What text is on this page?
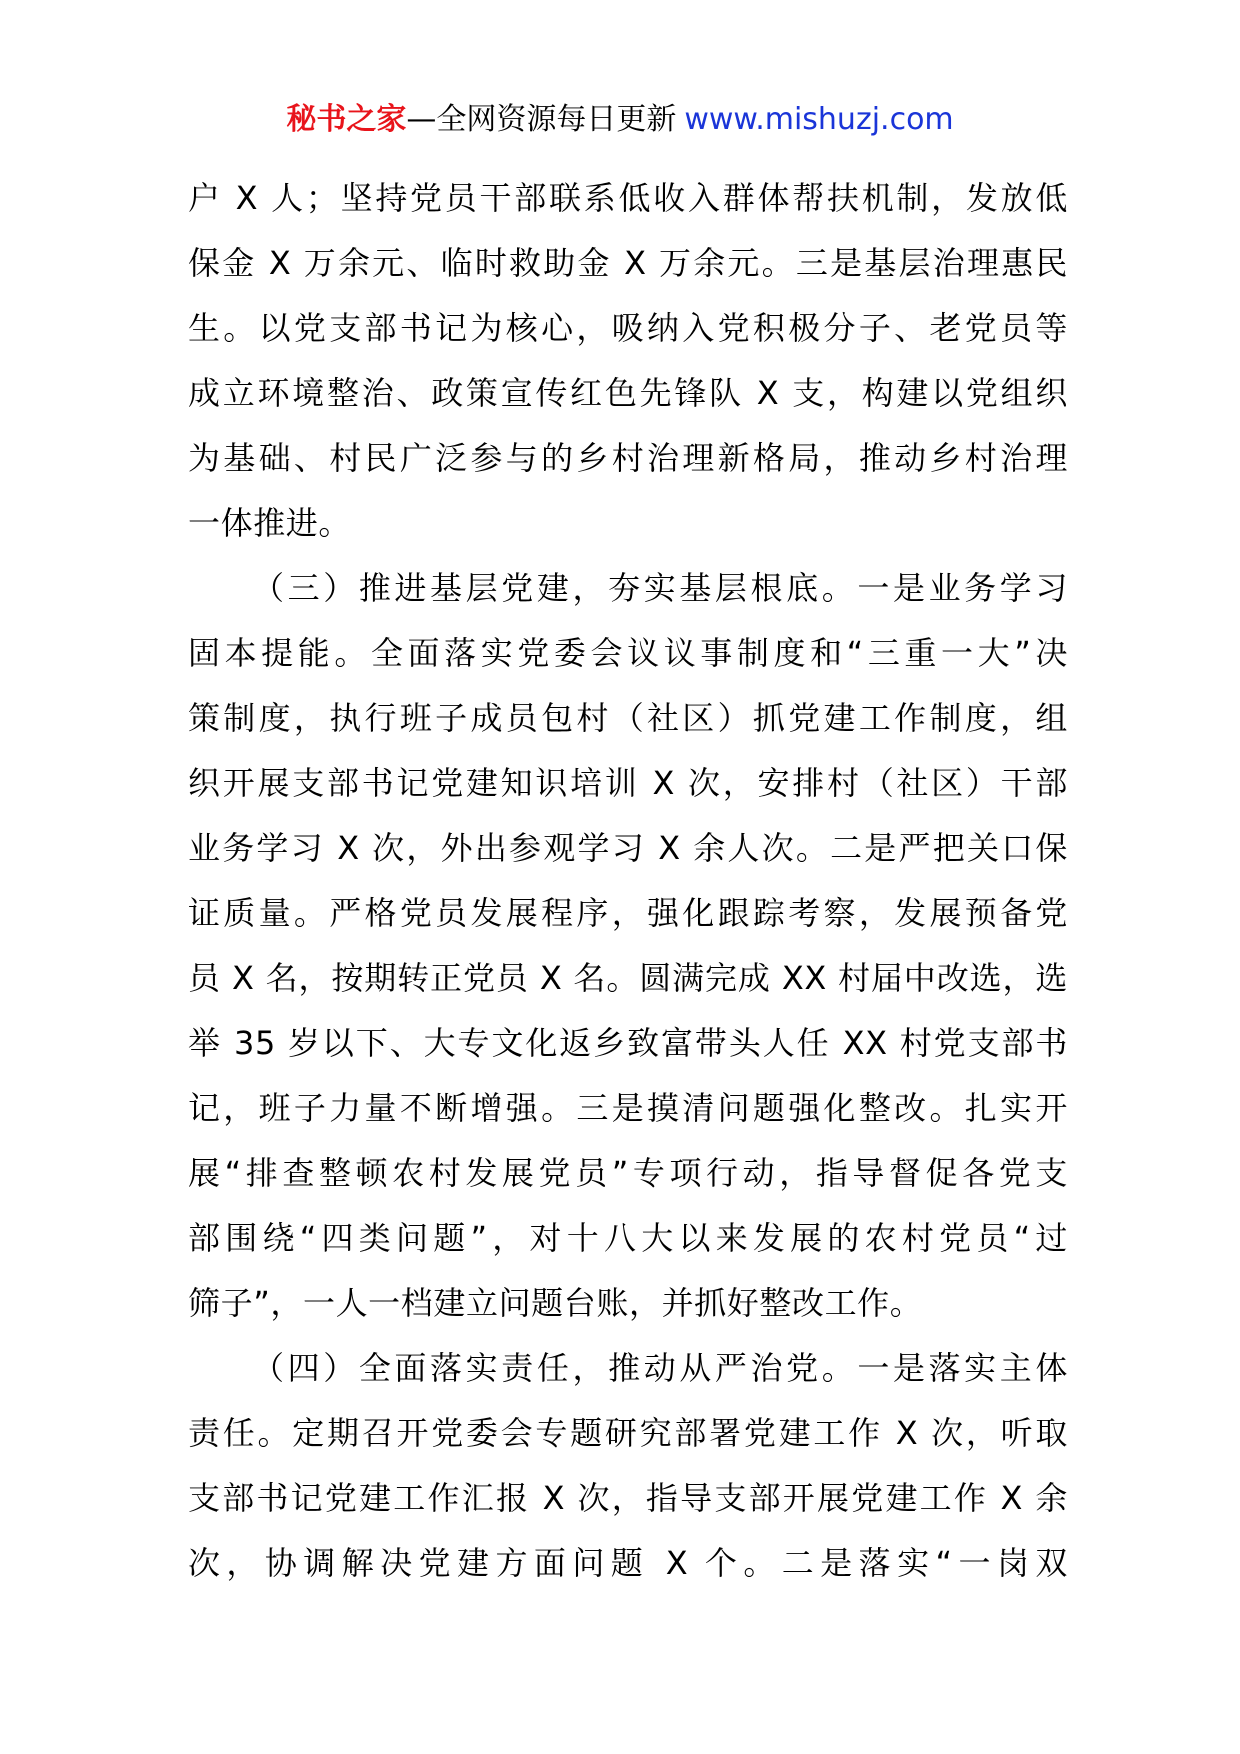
秘书之家—全网资源每日更新 www.mishuzj.com
户 X 人；坚持党员干部联系低收入群体帮扶机制，发放低
保金 X 万余元、临时救助金 X 万余元。三是基层治理惠民
生。以党支部书记为核心，吸纳入党积极分子、老党员等
成立环境整治、政策宣传红色先锋队 X 支，构建以党组织
为基础、村民广泛参与的乡村治理新格局，推动乡村治理
一体推进。
（三）推进基层党建，夯实基层根底。一是业务学习
固本提能。全面落实党委会议议事制度和“三重一大”决
策制度，执行班子成员包村（社区）抓党建工作制度，组
织开展支部书记党建知识培训 X 次，安排村（社区）干部
业务学习 X 次，外出参观学习 X 余人次。二是严把关口保
证质量。严格党员发展程序，强化跟踪考察，发展预备党
员 X 名，按期转正党员 X 名。圆满完成 XX 村届中改选，选
举 35 岁以下、大专文化返乡致富带头人任 XX 村党支部书
记，班子力量不断增强。三是摸清问题强化整改。扎实开
展“排查整顿农村发展党员”专项行动，指导督促各党支
部围绕“四类问题”，对十八大以来发展的农村党员“过
筛子”，一人一档建立问题台账，并抓好整改工作。
（四）全面落实责任，推动从严治党。一是落实主体
责任。定期召开党委会专题研究部署党建工作 X 次，听取
支部书记党建工作汇报 X 次，指导支部开展党建工作 X 余
次，协调解决党建方面问题 X 个。二是落实“一岗双
